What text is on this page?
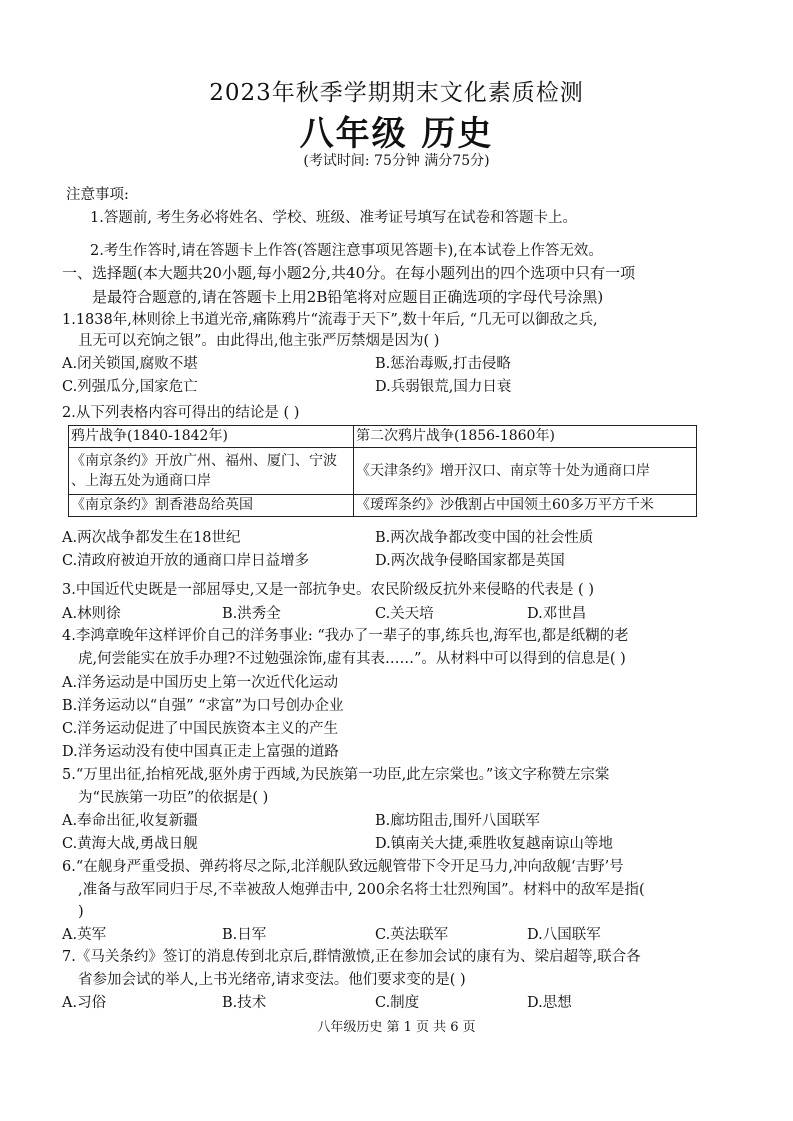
2023年秋季学期期末文化素质检测
八年级 历史
(考试时间: 75分钟 满分75分)
注意事项:
1.答题前, 考生务必将姓名、学校、班级、准考证号填写在试卷和答题卡上。
2.考生作答时,请在答题卡上作答(答题注意事项见答题卡),在本试卷上作答无效。
一、选择题(本大题共20小题,每小题2分,共40分。在每小题列出的四个选项中只有一项
是最符合题意的,请在答题卡上用2B铅笔将对应题目正确选项的字母代号涂黑)
1.1838年,林则徐上书道光帝,痛陈鸦片“流毒于天下”,数十年后, “几无可以御敌之兵,
且无可以充饷之银”。由此得出,他主张严厉禁烟是因为( )
A.闭关锁国,腐败不堪	B.惩治毒贩,打击侵略
C.列强瓜分,国家危亡	D.兵弱银荒,国力日衰
2.从下列表格内容可得出的结论是 ( )
鸦片战争(1840-1842年)	第二次鸦片战争(1856-1860年)

《南京条约》开放广州、福州、厦门、宁波
、上海五处为通商口岸	《天津条约》增开汉口、南京等十处为通商口岸
《南京条约》割香港岛给英国	《瑷珲条约》沙俄割占中国领土60多万平方千米
A.两次战争都发生在18世纪	B.两次战争都改变中国的社会性质
C.清政府被迫开放的通商口岸日益增多	D.两次战争侵略国家都是英国
3.中国近代史既是一部屈辱史,又是一部抗争史。农民阶级反抗外来侵略的代表是 ( )
A.林则徐	B.洪秀全	C.关天培	D.邓世昌
4.李鸿章晚年这样评价自己的洋务事业: “我办了一辈子的事,练兵也,海军也,都是纸糊的老
虎,何尝能实在放手办理?不过勉强涂饰,虚有其表……”。从材料中可以得到的信息是( )
A.洋务运动是中国历史上第一次近代化运动
B.洋务运动以“自强” “求富”为口号创办企业
C.洋务运动促进了中国民族资本主义的产生
D.洋务运动没有使中国真正走上富强的道路
5.“万里出征,抬棺死战,驱外虏于西域,为民族第一功臣,此左宗棠也。”该文字称赞左宗棠
为“民族第一功臣”的依据是( )
A.奉命出征,收复新疆	B.廊坊阻击,围歼八国联军
C.黄海大战,勇战日舰	D.镇南关大捷,乘胜收复越南谅山等地
6.“在舰身严重受损、弹药将尽之际,北洋舰队致远舰管带下令开足马力,冲向敌舰‘吉野’号
,准备与敌军同归于尽,不幸被敌人炮弹击中, 200余名将士壮烈殉国”。材料中的敌军是指(
)
A.英军	B.日军	C.英法联军	D.八国联军
7.《马关条约》签订的消息传到北京后,群情激愤,正在参加会试的康有为、梁启超等,联合各
省参加会试的举人,上书光绪帝,请求变法。他们要求变的是( )
A.习俗	B.技术	C.制度	D.思想
八年级历史 第 1 页 共 6 页
